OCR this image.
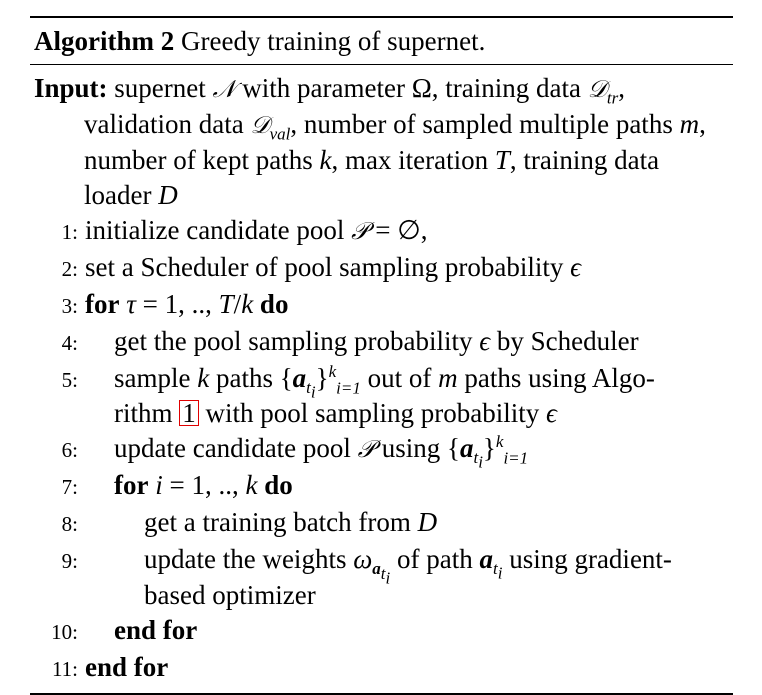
Algorithm 2 Greedy training of supernet.
Input: supernet 𝒩 with parameter Ω, training data 𝒟$_{tr}$, validation data 𝒟$_{val}$, number of sampled multiple paths m, number of kept paths k, max iteration T, training data loader D
1: initialize candidate pool 𝒫 = ∅,
2: set a Scheduler of pool sampling probability ϵ
3: for τ = 1, .., T/k do
4:	get the pool sampling probability ϵ by Scheduler
5:	sample k paths $\{a_{t_i}\}^k_{i=1}$ out of m paths using Algo-
rithm 1 with pool sampling probability ϵ
6:	update candidate pool 𝒫 using $\{a_{t_i}\}^k_{i=1}$
7:	for i = 1, .., k do
8:	get a training batch from D
9:	update the weights $\omega_{a_{t_i}}$ of path $a_{t_i}$ using gradient-
based optimizer
10:	end for
11: end for
